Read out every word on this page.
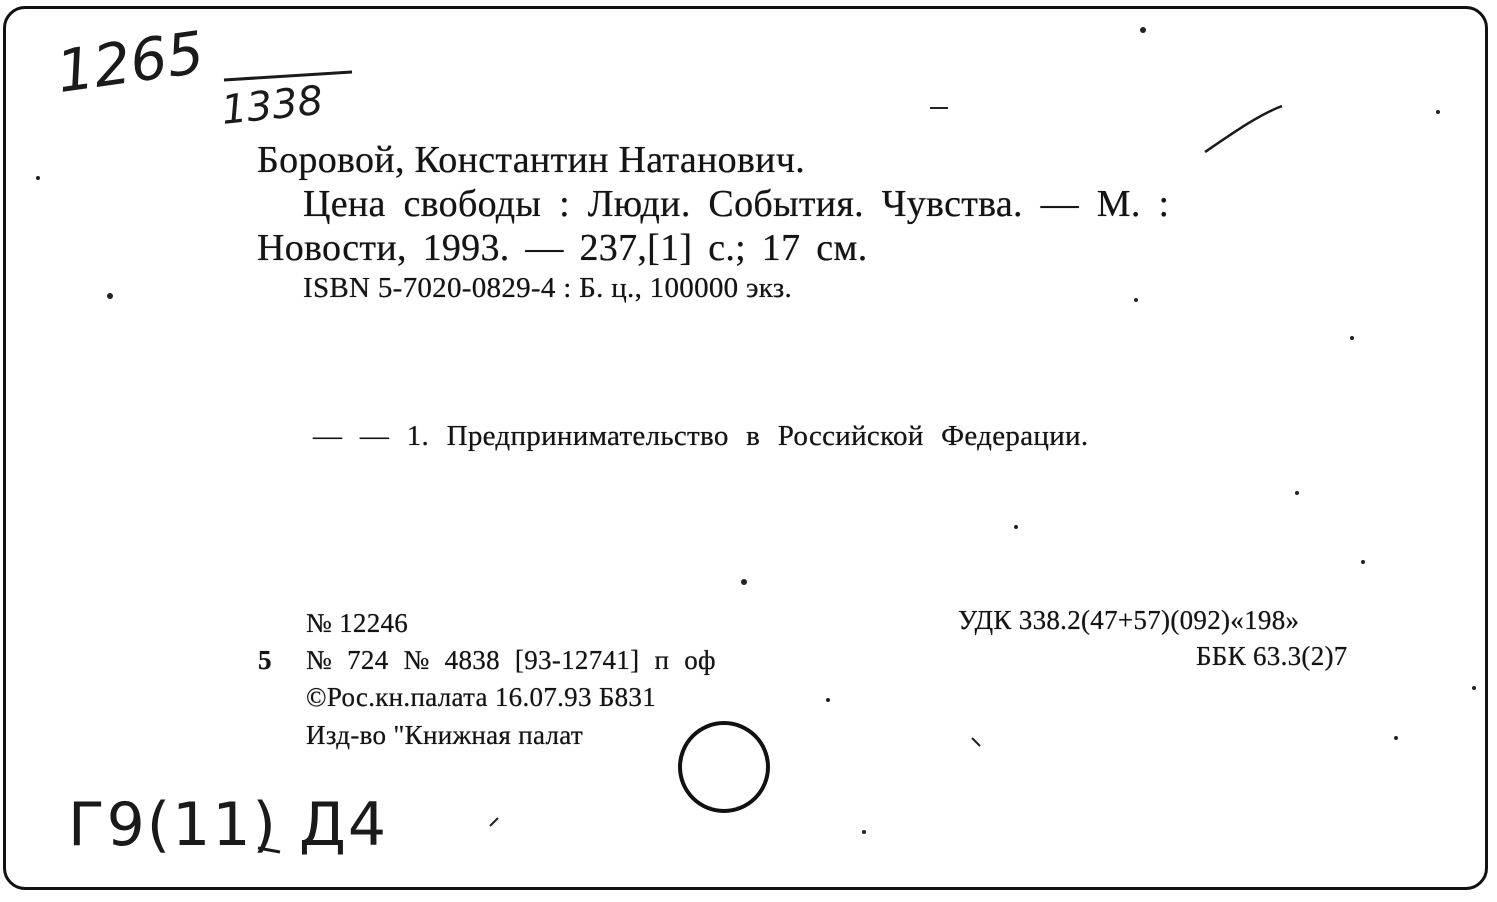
1265 1338
Г9(11) Д4
Боровой, Константин Натанович.
Цена свободы : Люди. События. Чувства. — М. :
Новости, 1993. — 237,[1] с.; 17 см.
ISBN 5-7020-0829-4 : Б. ц., 100000 экз.
— — 1. Предпринимательство в Российской Федерации.
№ 12246
5 № 724 № 4838 [93-12741] п оф
©Рос.кн.палата 16.07.93 Б831
Изд-во "Книжная палат
УДК 338.2(47+57)(092)«198»
ББК 63.3(2)7
